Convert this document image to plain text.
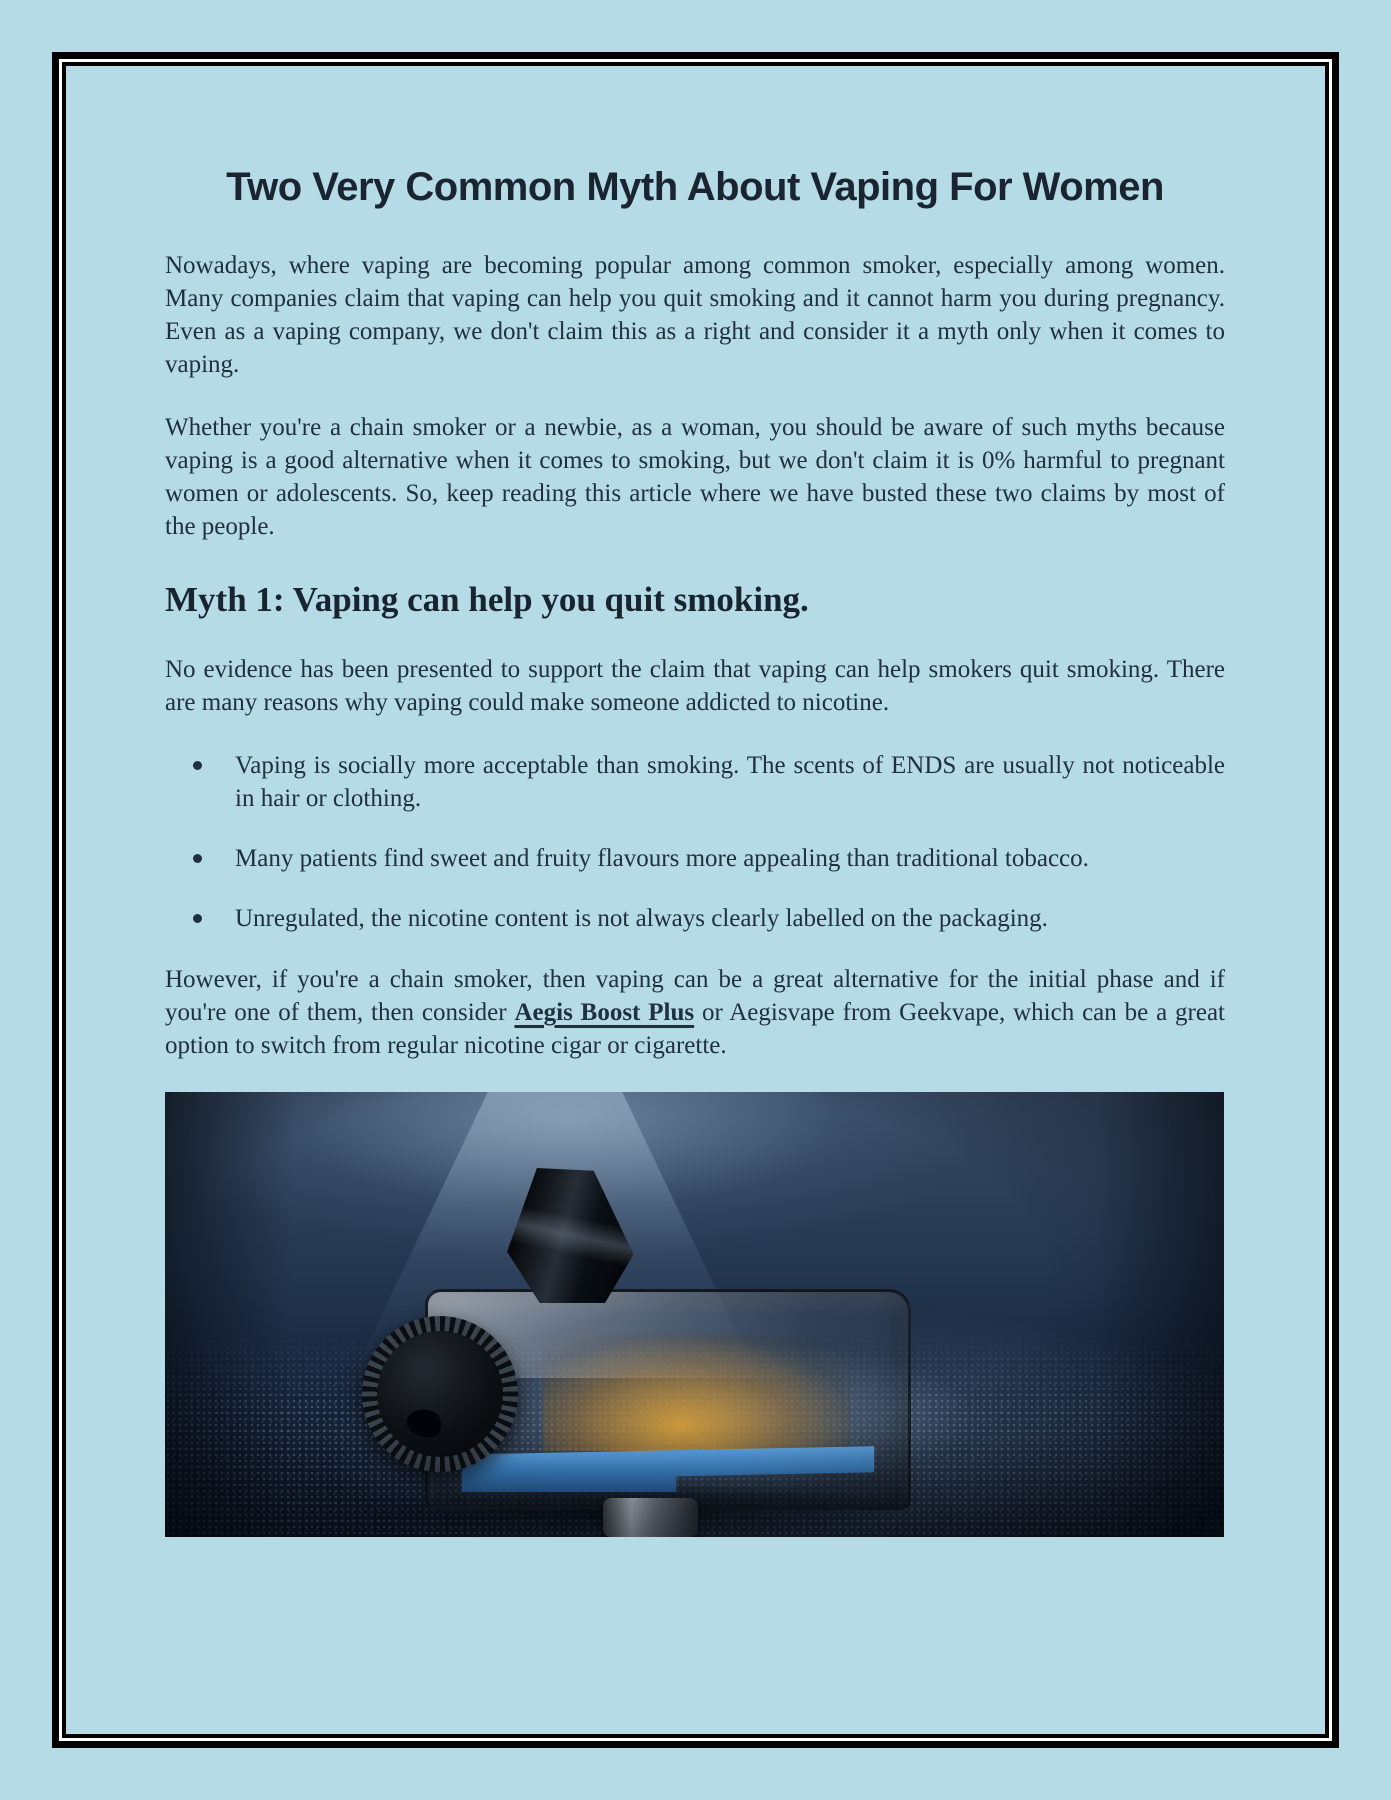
Two Very Common Myth About Vaping For Women

Nowadays, where vaping are becoming popular among common smoker, especially among women. Many companies claim that vaping can help you quit smoking and it cannot harm you during pregnancy. Even as a vaping company, we don't claim this as a right and consider it a myth only when it comes to vaping.

Whether you're a chain smoker or a newbie, as a woman, you should be aware of such myths because vaping is a good alternative when it comes to smoking, but we don't claim it is 0% harmful to pregnant women or adolescents. So, keep reading this article where we have busted these two claims by most of the people.

Myth 1: Vaping can help you quit smoking.

No evidence has been presented to support the claim that vaping can help smokers quit smoking. There are many reasons why vaping could make someone addicted to nicotine.

Vaping is socially more acceptable than smoking. The scents of ENDS are usually not noticeable in hair or clothing.
Many patients find sweet and fruity flavours more appealing than traditional tobacco.
Unregulated, the nicotine content is not always clearly labelled on the packaging.

However, if you're a chain smoker, then vaping can be a great alternative for the initial phase and if you're one of them, then consider Aegis Boost Plus or Aegisvape from Geekvape, which can be a great option to switch from regular nicotine cigar or cigarette.
